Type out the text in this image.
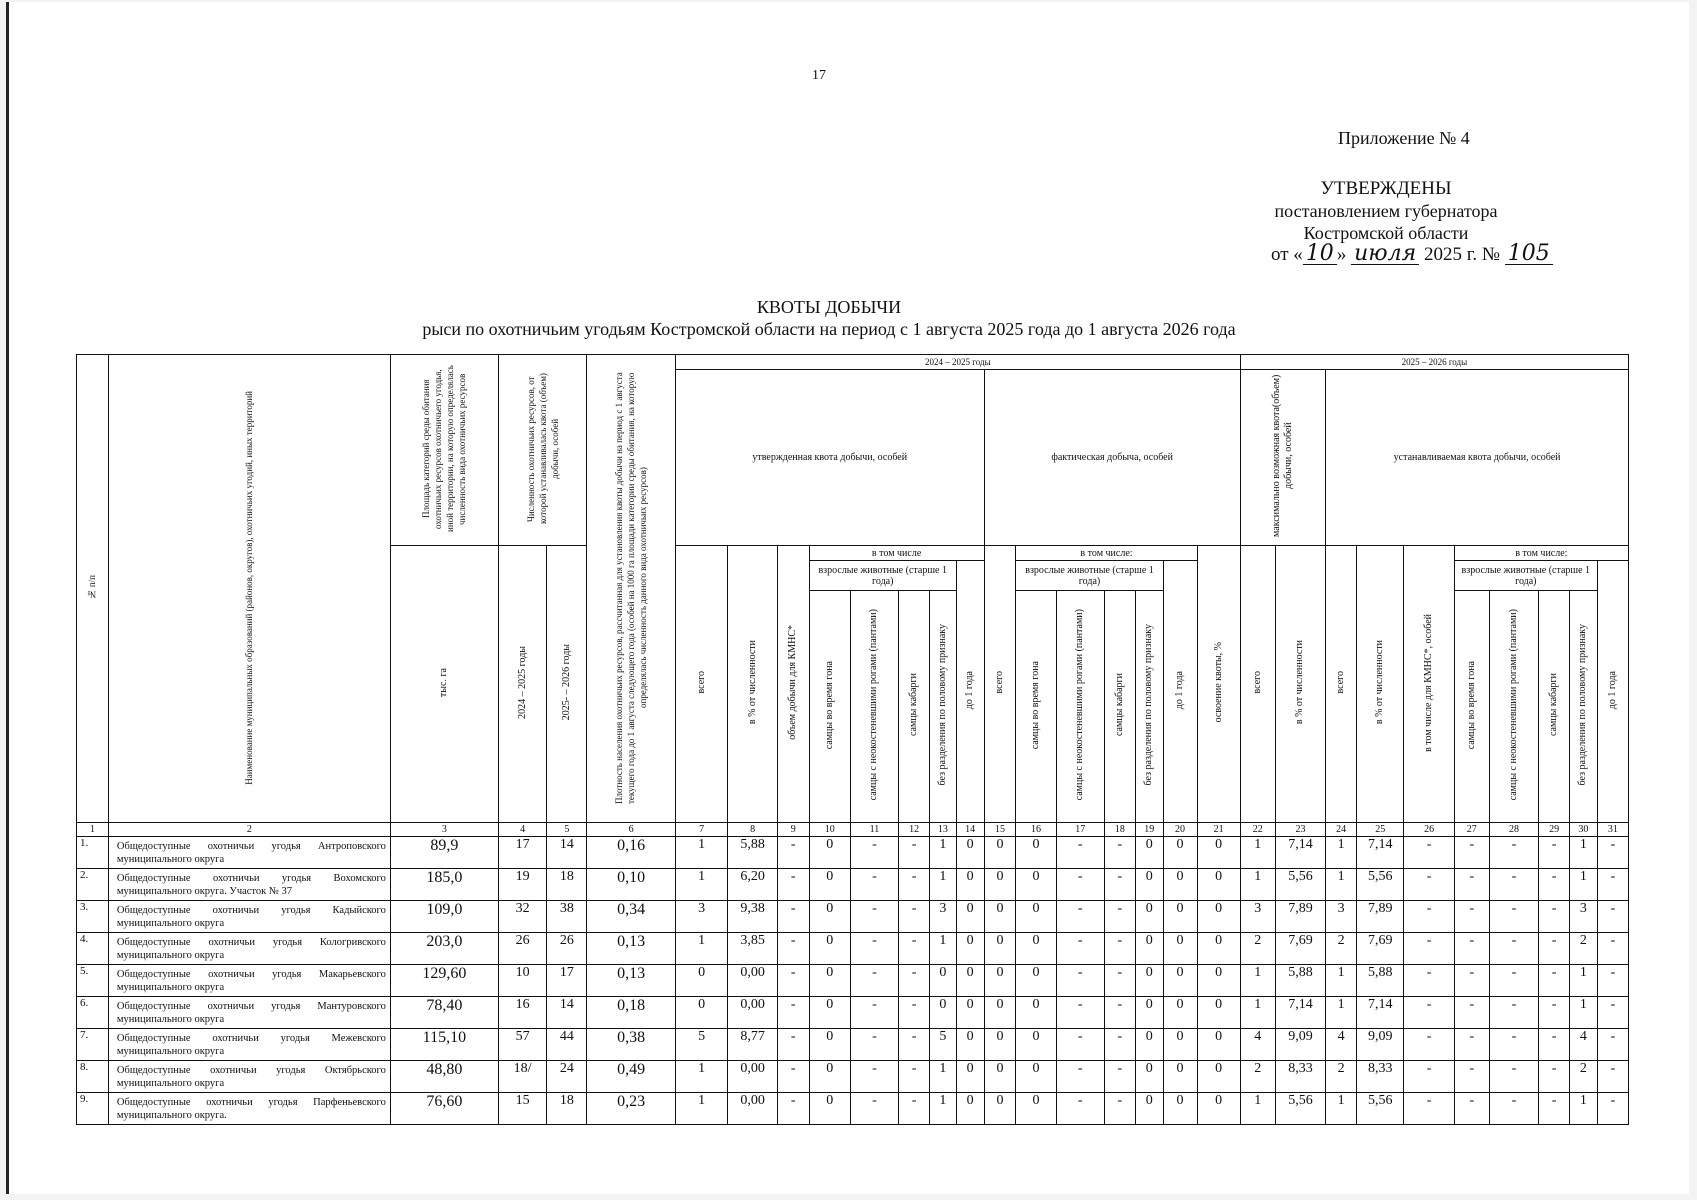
17
Приложение № 4
УТВЕРЖДЕНЫ
постановлением губернатора
Костромской области
от « 10 » июля 2025 г. № 105
КВОТЫ ДОБЫЧИ
рыси по охотничьим угодьям Костромской области на период с 1 августа 2025 года до 1 августа 2026 года
№ п/п	Наименование муниципальных образований (районов, округов), охотничьих угодий, иных территорий	Площадь категорий среды обитания охотничьих ресурсов охотничьего угодья, иной территории, на которую определялась численность вида охотничьих ресурсов	Численность охотничьих ресурсов, от которой устанавливалась квота (объем) добычи, особей		Плотность населения охотничьих ресурсов, рассчитанная для установления квоты добычи на период с 1 августа текущего года до 1 августа следующего года (особей на 1000 га площади категории среды обитания, на которую определялась численность данного вида охотничьих ресурсов)	2024 – 2025 годы															2025 – 2026 годы									
						утвержденная квота добычи, особей								фактическая добыча, особей							максимально возможная квота(объем) добычи, особей		устанавливаемая квота добычи, особей							
		тыс. га	2024 – 2025 годы	2025- – 2026 годы		всего	в % от численности	объем добычи для КМНС*	в том числе					всего	в том числе:					освоение квоты, %	всего	в % от численности	всего	в % от численности	в том числе для КМНС*, особей	в том числе:				
									взрослые животные (старше 1 года)				до 1 года		взрослые животные (старше 1 года)				до 1 года							взрослые животные (старше 1 года)				до 1 года
									самцы во время гона	самцы с неокостеневшими рогами (пантами)	самцы кабарги	без разделения по половому признаку			самцы во время гона	самцы с неокостеневшими рогами (пантами)	самцы кабарги	без разделения по половому признаку								самцы во время гона	самцы с неокостеневшими рогами (пантами)	самцы кабарги	без разделения по половому признаку	
1	2	3	4	5	6	7	8	9	10	11	12	13	14	15	16	17	18	19	20	21	22	23	24	25	26	27	28	29	30	31
1.	Общедоступные охотничьи угодья Антроповского муниципального округа	89,9	17	14	0,16	1	5,88	-	0	-	-	1	0	0	0	-	-	0	0	0	1	7,14	1	7,14	-	-	-	-	1	-
2.	Общедоступные охотничьи угодья Вохомского муниципального округа. Участок № 37	185,0	19	18	0,10	1	6,20	-	0	-	-	1	0	0	0	-	-	0	0	0	1	5,56	1	5,56	-	-	-	-	1	-
3.	Общедоступные охотничьи угодья Кадыйского муниципального округа	109,0	32	38	0,34	3	9,38	-	0	-	-	3	0	0	0	-	-	0	0	0	3	7,89	3	7,89	-	-	-	-	3	-
4.	Общедоступные охотничьи угодья Кологривского муниципального округа	203,0	26	26	0,13	1	3,85	-	0	-	-	1	0	0	0	-	-	0	0	0	2	7,69	2	7,69	-	-	-	-	2	-
5.	Общедоступные охотничьи угодья Макарьевского муниципального округа	129,60	10	17	0,13	0	0,00	-	0	-	-	0	0	0	0	-	-	0	0	0	1	5,88	1	5,88	-	-	-	-	1	-
6.	Общедоступные охотничьи угодья Мантуровского муниципального округа	78,40	16	14	0,18	0	0,00	-	0	-	-	0	0	0	0	-	-	0	0	0	1	7,14	1	7,14	-	-	-	-	1	-
7.	Общедоступные охотничьи угодья Межевского муниципального округа	115,10	57	44	0,38	5	8,77	-	0	-	-	5	0	0	0	-	-	0	0	0	4	9,09	4	9,09	-	-	-	-	4	-
8.	Общедоступные охотничьи угодья Октябрьского муниципального округа	48,80	18/	24	0,49	1	0,00	-	0	-	-	1	0	0	0	-	-	0	0	0	2	8,33	2	8,33	-	-	-	-	2	-
9.	Общедоступные охотничьи угодья Парфеньевского муниципального округа.	76,60	15	18	0,23	1	0,00	-	0	-	-	1	0	0	0	-	-	0	0	0	1	5,56	1	5,56	-	-	-	-	1	-
